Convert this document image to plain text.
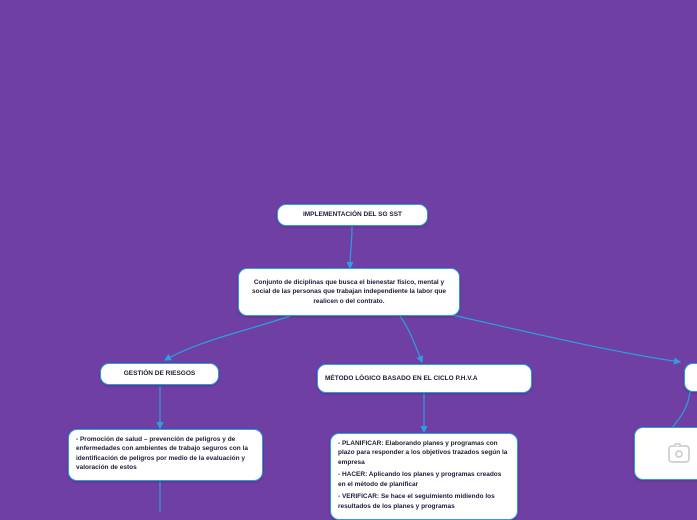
IMPLEMENTACIÓN DEL SG SST
Conjunto de diciplinas que busca el bienestar físico, mental y social de las personas que trabajan independiente la labor que realicen o del contrato.
GESTIÓN DE RIESGOS
MÉTODO LÓGICO BASADO EN EL CICLO P.H.V.A
- Promoción de salud – prevención de peligros y de enfermedades con ambientes de trabajo seguros con la identificación de peligros por medio de la evaluación y valoración de estos
- PLANIFICAR: Elaborando planes y programas con plazo para responder a los objetivos trazados según la empresa
- HACER: Aplicando los planes y programas creados en el método de planificar
- VERIFICAR: Se hace el seguimiento midiendo los resultados de los planes y programas
